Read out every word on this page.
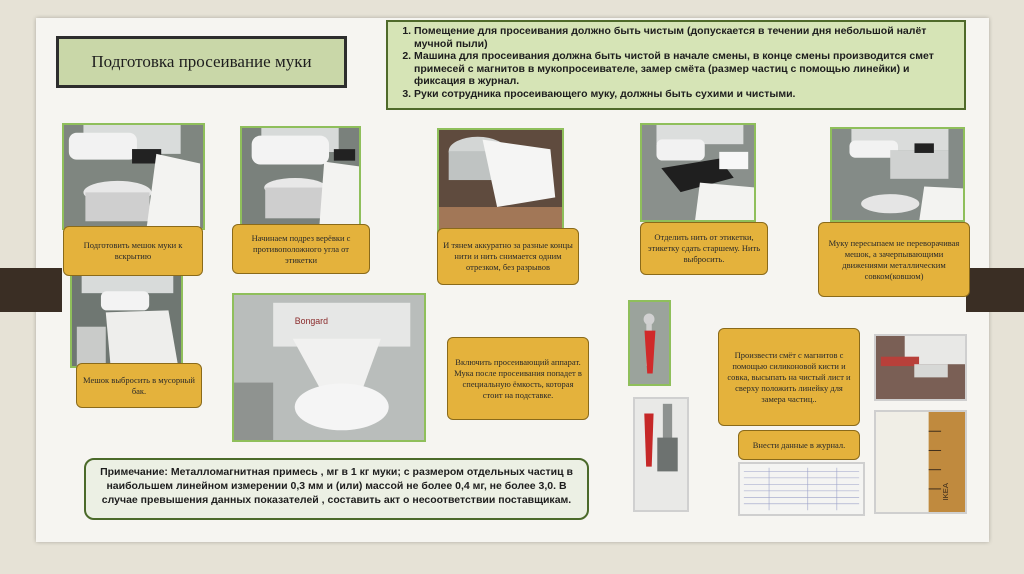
Подготовка просеивание муки
1. Помещение для просеивания должно быть чистым (допускается в течении дня небольшой налёт мучной пыли)
2. Машина для просеивания должна быть чистой в начале смены, в конце смены производится смет примесей с магнитов в мукопросеивателе, замер смёта (размер частиц с помощью линейки) и фиксация в журнал.
3. Руки сотрудника просеивающего муку, должны быть сухими и чистыми.
Bongard
IKEA
Подготовить мешок муки к вскрытию
Начинаем подрез верёвки с противоположного угла от этикетки
И тянем аккуратно за разные концы нити и нить снимается одним отрезком, без разрывов
Отделить нить от этикетки, этикетку сдать старшему. Нить выбросить.
Муку пересыпаем не переворачивая мешок, а зачерпывающими движениями металлическим совком(ковшом)
Мешок выбросить в мусорный бак.
Включить просеивающий аппарат. Мука после просеивания попадет в специальную ёмкость, которая стоит на подставке.
Произвести смёт с магнитов с помощью силиконовой кисти и совка, высыпать на чистый лист и сверху положить линейку для замера частиц..
Внести данные в журнал.
Примечание: Металломагнитная примесь , мг в 1 кг муки; с размером отдельных частиц в наибольшем линейном измерении 0,3 мм и (или) массой не более 0,4 мг, не более 3,0. В случае превышения данных показателей , составить акт о несоответствии поставщикам.
